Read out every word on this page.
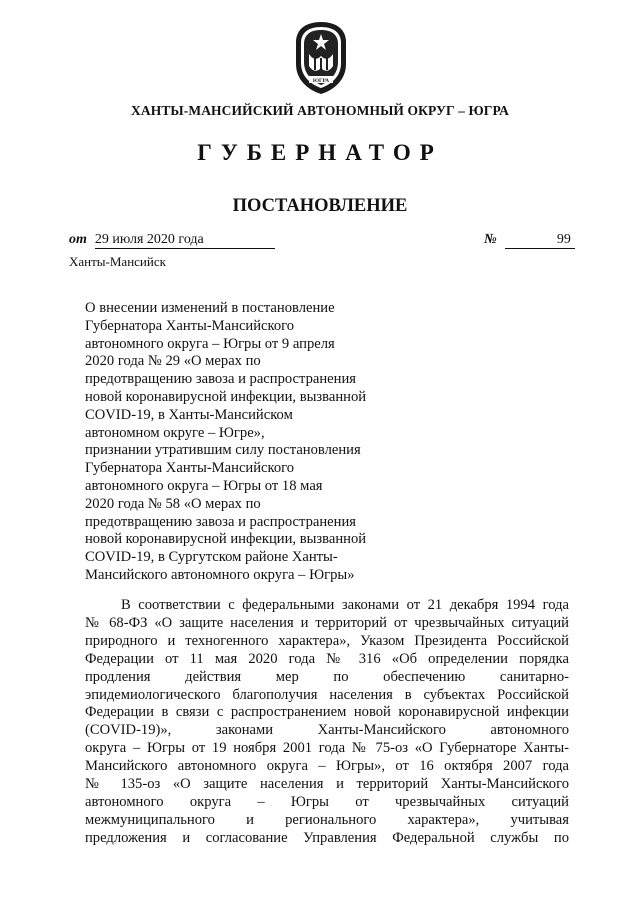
ЮГРА
ХАНТЫ-МАНСИЙСКИЙ АВТОНОМНЫЙ ОКРУГ – ЮГРА
ГУБЕРНАТОР
ПОСТАНОВЛЕНИЕ
от 29 июля 2020 года	№	99
Ханты-Мансийск
О внесении изменений в постановление
Губернатора Ханты-Мансийского
автономного округа – Югры от 9 апреля
2020 года № 29 «О мерах по
предотвращению завоза и распространения
новой коронавирусной инфекции, вызванной
COVID-19, в Ханты-Мансийском
автономном округе – Югре»,
признании утратившим силу постановления
Губернатора Ханты-Мансийского
автономного округа – Югры от 18 мая
2020 года № 58 «О мерах по
предотвращению завоза и распространения
новой коронавирусной инфекции, вызванной
COVID-19, в Сургутском районе Ханты-
Мансийского автономного округа – Югры»
В соответствии с федеральными законами от 21 декабря 1994 года
№ 68-ФЗ «О защите населения и территорий от чрезвычайных ситуаций
природного и техногенного характера», Указом Президента Российской
Федерации от 11 мая 2020 года № 316 «Об определении порядка
продления действия мер по обеспечению санитарно-
эпидемиологического благополучия населения в субъектах Российской
Федерации в связи с распространением новой коронавирусной инфекции
(COVID-19)», законами Ханты-Мансийского автономного
округа – Югры от 19 ноября 2001 года № 75-оз «О Губернаторе Ханты-
Мансийского автономного округа – Югры», от 16 октября 2007 года
№ 135-оз «О защите населения и территорий Ханты-Мансийского
автономного округа – Югры от чрезвычайных ситуаций
межмуниципального и регионального характера», учитывая
предложения и согласование Управления Федеральной службы по
